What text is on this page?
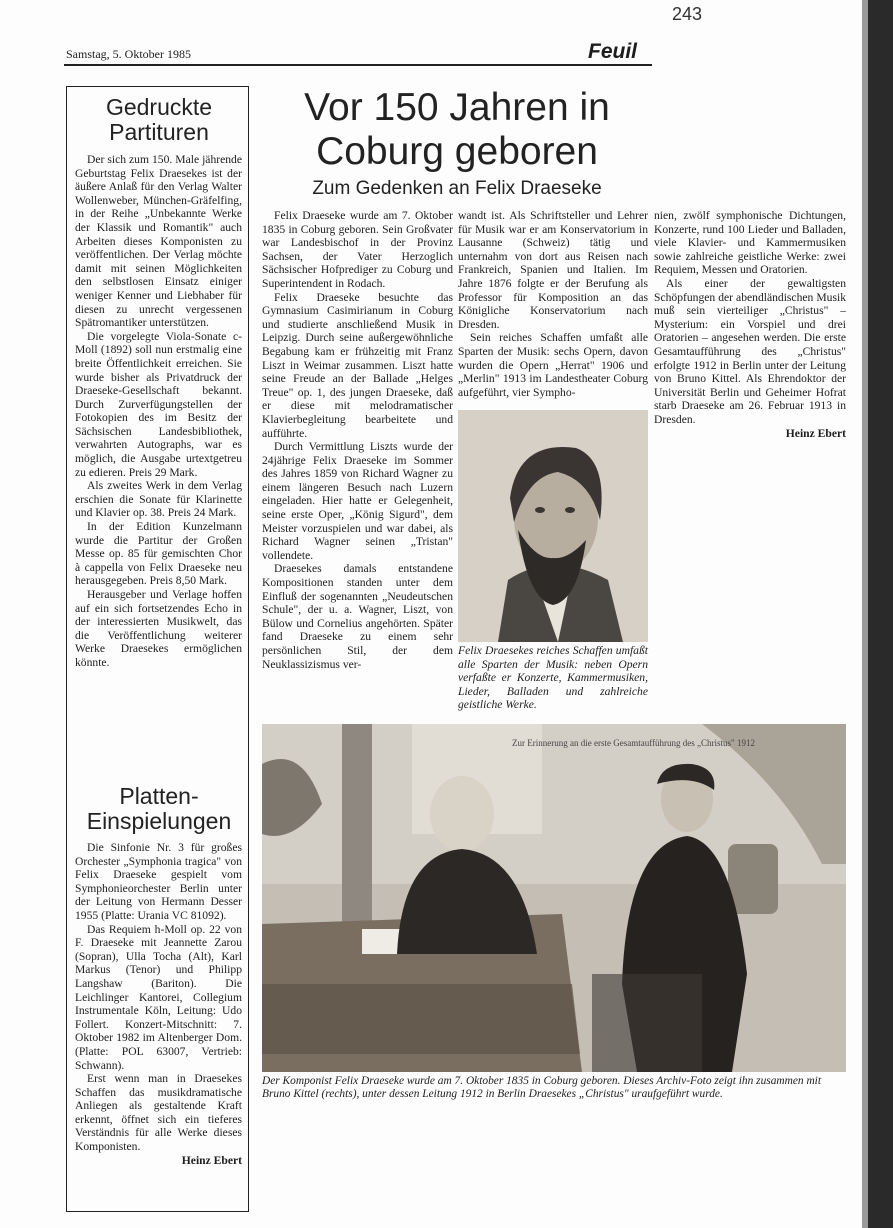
243
Samstag, 5. Oktober 1985	Feuil
Gedruckte Partituren

Der sich zum 150. Male jährende Geburtstag Felix Draesekes ist der äußere Anlaß für den Verlag Walter Wollenweber, München-Gräfelfing, in der Reihe „Unbekannte Werke der Klassik und Romantik" auch Arbeiten dieses Komponisten zu veröffentlichen. Der Verlag möchte damit mit seinen Möglichkeiten den selbstlosen Einsatz einiger weniger Kenner und Liebhaber für diesen zu unrecht vergessenen Spätromantiker unterstützen.

Die vorgelegte Viola-Sonate c-Moll (1892) soll nun erstmalig eine breite Öffentlichkeit erreichen. Sie wurde bisher als Privatdruck der Draeseke-Gesellschaft bekannt. Durch Zurverfügungstellen der Fotokopien des im Besitz der Sächsischen Landesbibliothek, verwahrten Autographs, war es möglich, die Ausgabe urtextgetreu zu edieren. Preis 29 Mark.

Als zweites Werk in dem Verlag erschien die Sonate für Klarinette und Klavier op. 38. Preis 24 Mark.

In der Edition Kunzelmann wurde die Partitur der Großen Messe op. 85 für gemischten Chor à cappella von Felix Draeseke neu herausgegeben. Preis 8,50 Mark.

Herausgeber und Verlage hoffen auf ein sich fortsetzendes Echo in der interessierten Musikwelt, das die Veröffentlichung weiterer Werke Draesekes ermöglichen könnte.

Platten-Einspielungen

Die Sinfonie Nr. 3 für großes Orchester „Symphonia tragica" von Felix Draeseke gespielt vom Symphonieorchester Berlin unter der Leitung von Hermann Desser 1955 (Platte: Urania VC 81092).

Das Requiem h-Moll op. 22 von F. Draeseke mit Jeannette Zarou (Sopran), Ulla Tocha (Alt), Karl Markus (Tenor) und Philipp Langshaw (Bariton). Die Leichlinger Kantorei, Collegium Instrumentale Köln, Leitung: Udo Follert. Konzert-Mitschnitt: 7. Oktober 1982 im Altenberger Dom. (Platte: POL 63007, Vertrieb: Schwann).

Erst wenn man in Draesekes Schaffen das musikdramatische Anliegen als gestaltende Kraft erkennt, öffnet sich ein tieferes Verständnis für alle Werke dieses Komponisten.

Heinz Ebert
Vor 150 Jahren in Coburg geboren
Zum Gedenken an Felix Draeseke

Felix Draeseke wurde am 7. Oktober 1835 in Coburg geboren. Sein Großvater war Landesbischof in der Provinz Sachsen, der Vater Herzoglich Sächsischer Hofprediger zu Coburg und Superintendent in Rodach.

Felix Draeseke besuchte das Gymnasium Casimirianum in Coburg und studierte anschließend Musik in Leipzig. Durch seine außergewöhnliche Begabung kam er frühzeitig mit Franz Liszt in Weimar zusammen. Liszt hatte seine Freude an der Ballade „Helges Treue" op. 1, des jungen Draeseke, daß er diese mit melodramatischer Klavierbegleitung bearbeitete und aufführte.

Durch Vermittlung Liszts wurde der 24jährige Felix Draeseke im Sommer des Jahres 1859 von Richard Wagner zu einem längeren Besuch nach Luzern eingeladen. Hier hatte er Gelegenheit, seine erste Oper, „König Sigurd", dem Meister vorzuspielen und war dabei, als Richard Wagner seinen „Tristan" vollendete.

Draesekes damals entstandene Kompositionen standen unter dem Einfluß der sogenannten „Neudeutschen Schule", der u. a. Wagner, Liszt, von Bülow und Cornelius angehörten. Später fand Draeseke zu einem sehr persönlichen Stil, der dem Neuklassizismus ver-

wandt ist. Als Schriftsteller und Lehrer für Musik war er am Konservatorium in Lausanne (Schweiz) tätig und unternahm von dort aus Reisen nach Frankreich, Spanien und Italien. Im Jahre 1876 folgte er der Berufung als Professor für Komposition an das Königliche Konservatorium nach Dresden.

Sein reiches Schaffen umfaßt alle Sparten der Musik: sechs Opern, davon wurden die Opern „Herrat" 1906 und „Merlin" 1913 im Landestheater Coburg aufgeführt, vier Sympho-

nien, zwölf symphonische Dichtungen, Konzerte, rund 100 Lieder und Balladen, viele Klavier- und Kammermusiken sowie zahlreiche geistliche Werke: zwei Requiem, Messen und Oratorien.

Als einer der gewaltigsten Schöpfungen der abendländischen Musik muß sein vierteiliger „Christus" – Mysterium: ein Vorspiel und drei Oratorien – angesehen werden. Die erste Gesamtaufführung des „Christus" erfolgte 1912 in Berlin unter der Leitung von Bruno Kittel. Als Ehrendoktor der Universität Berlin und Geheimer Hofrat starb Draeseke am 26. Februar 1913 in Dresden.

Heinz Ebert
Felix Draesekes reiches Schaffen umfaßt alle Sparten der Musik: neben Opern verfaßte er Konzerte, Kammermusiken, Lieder, Balladen und zahlreiche geistliche Werke.
Zur Erinnerung an die erste Gesamtaufführung des „Christus" 1912
Der Komponist Felix Draeseke wurde am 7. Oktober 1835 in Coburg geboren. Dieses Archiv-Foto zeigt ihn zusammen mit Bruno Kittel (rechts), unter dessen Leitung 1912 in Berlin Draesekes „Christus" uraufgeführt wurde.
